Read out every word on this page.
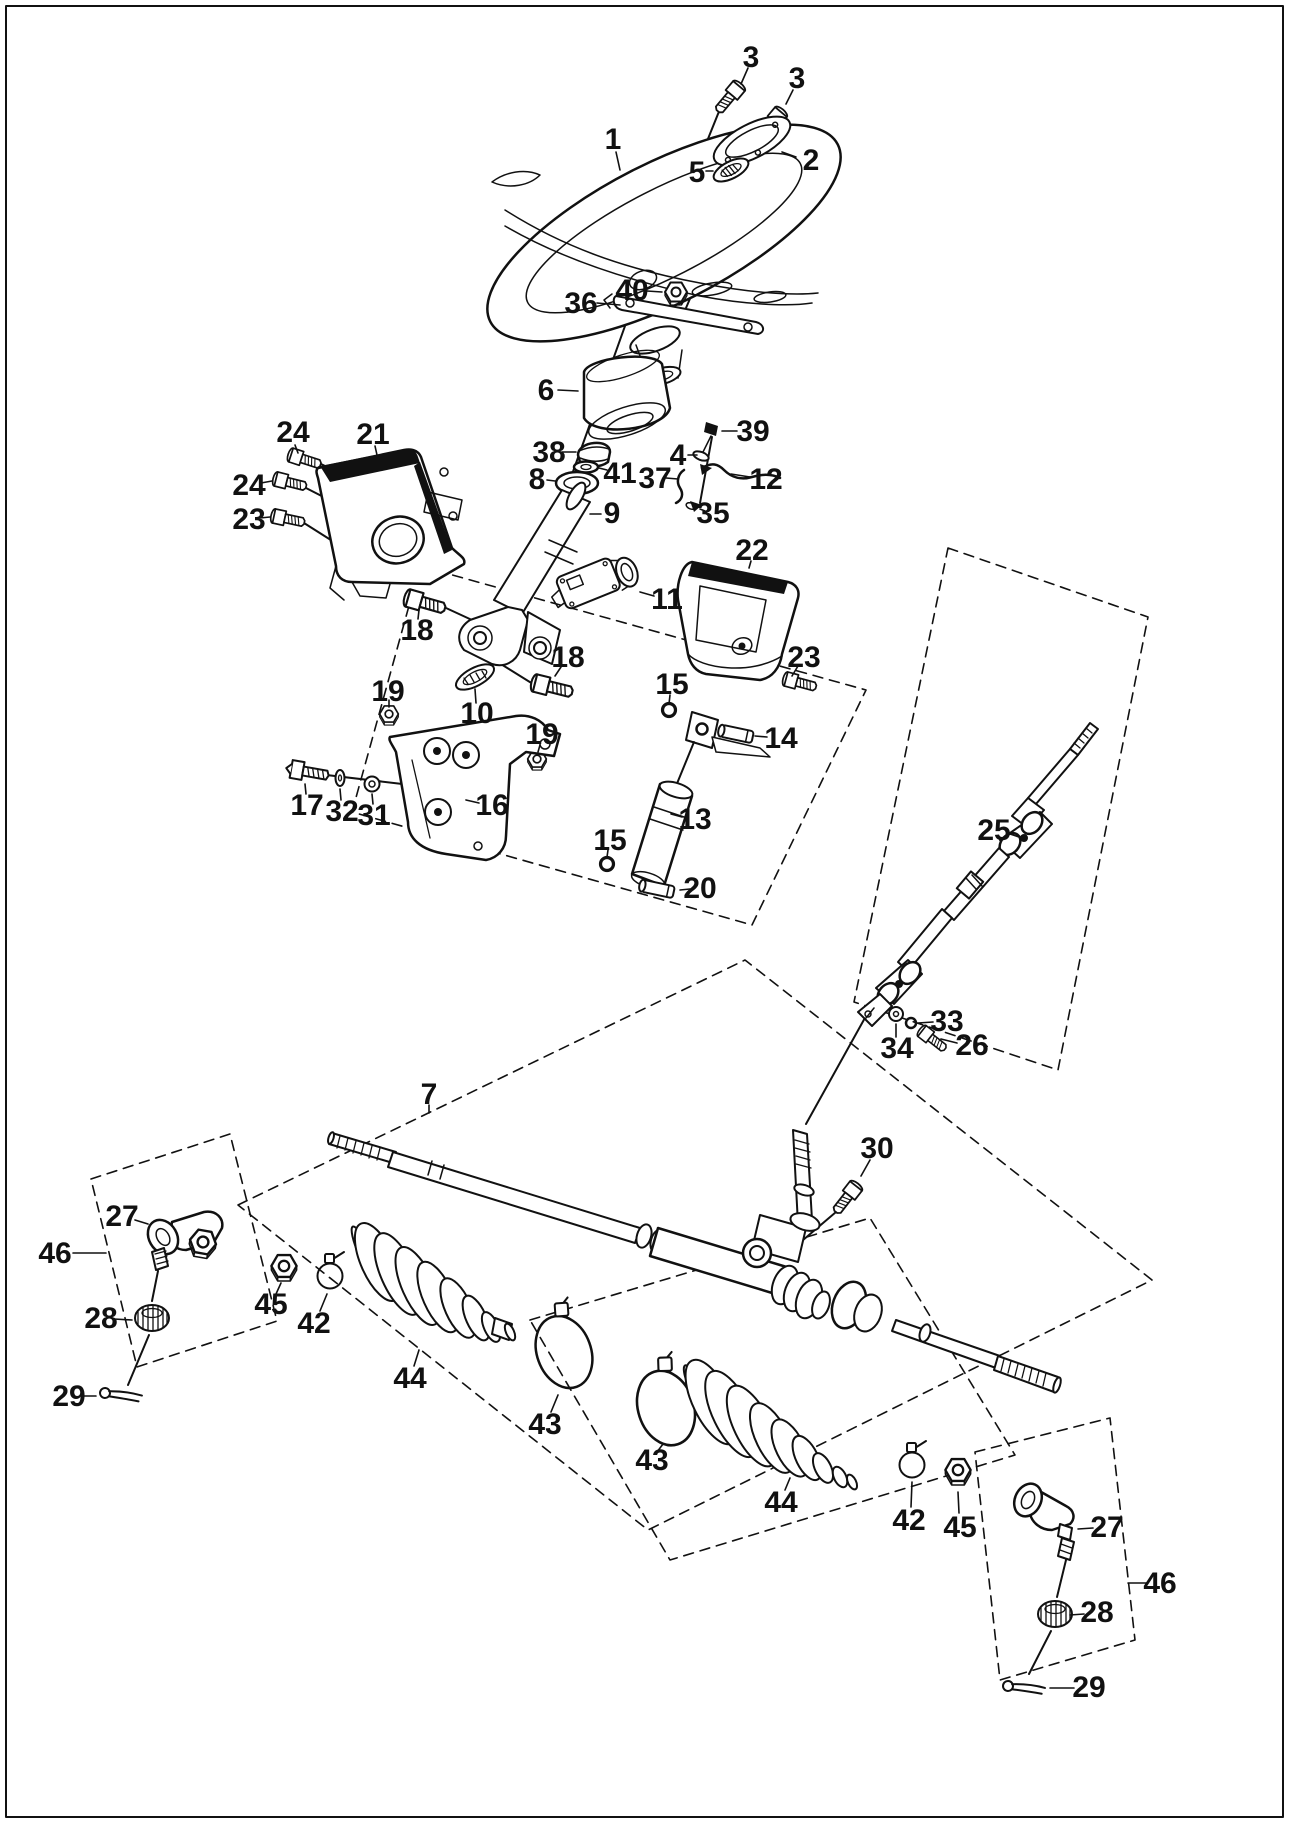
3
3
1
2
5
40
36
6
38
41
8
4
39
37	12
9	35
24 21
24
23
22
11
18
23
15
18
19
10
14
13
16
17 32
31	25
15
20
33
34 26
7
30
27
46
45
28	42
44
29
43
43
44
42 45	27
46
28
29
19
